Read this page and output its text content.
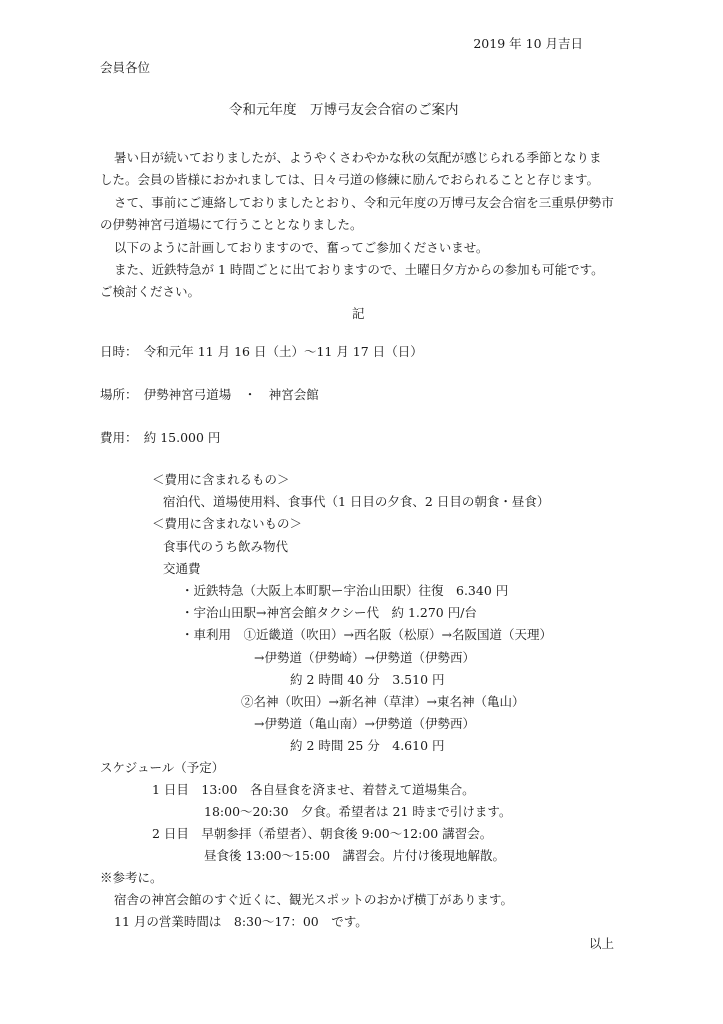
2019 年 10 月吉日
会員各位
令和元年度　万博弓友会合宿のご案内
暑い日が続いておりましたが、ようやくさわやかな秋の気配が感じられる季節となりま
した。会員の皆様におかれましては、日々弓道の修練に励んでおられることと存じます。
さて、事前にご連絡しておりましたとおり、令和元年度の万博弓友会合宿を三重県伊勢市
の伊勢神宮弓道場にて行うこととなりました。
以下のように計画しておりますので、奮ってご参加くださいませ。
また、近鉄特急が 1 時間ごとに出ておりますので、土曜日夕方からの参加も可能です。
ご検討ください。
記
日時：　令和元年 11 月 16 日（土）〜11 月 17 日（日）
場所：　伊勢神宮弓道場　・　神宮会館
費用：　約 15.000 円
＜費用に含まれるもの＞
宿泊代、道場使用料、食事代（1 日目の夕食、2 日目の朝食・昼食）
＜費用に含まれないもの＞
食事代のうち飲み物代
交通費
・近鉄特急（大阪上本町駅ー宇治山田駅）往復　6.340 円
・宇治山田駅→神宮会館タクシー代　約 1.270 円/台
・車利用　①近畿道（吹田）→西名阪（松原）→名阪国道（天理）
→伊勢道（伊勢崎）→伊勢道（伊勢西）
約 2 時間 40 分　3.510 円
②名神（吹田）→新名神（草津）→東名神（亀山）
→伊勢道（亀山南）→伊勢道（伊勢西）
約 2 時間 25 分　4.610 円
スケジュール（予定）
1 日目　13:00　各自昼食を済ませ、着替えて道場集合。
18:00〜20:30　夕食。希望者は 21 時まで引けます。
2 日目　早朝参拝（希望者）、朝食後 9:00〜12:00 講習会。
昼食後 13:00〜15:00　講習会。片付け後現地解散。
※参考に。
宿舎の神宮会館のすぐ近くに、観光スポットのおかげ横丁があります。
11 月の営業時間は　8:30〜17：00　です。
以上
